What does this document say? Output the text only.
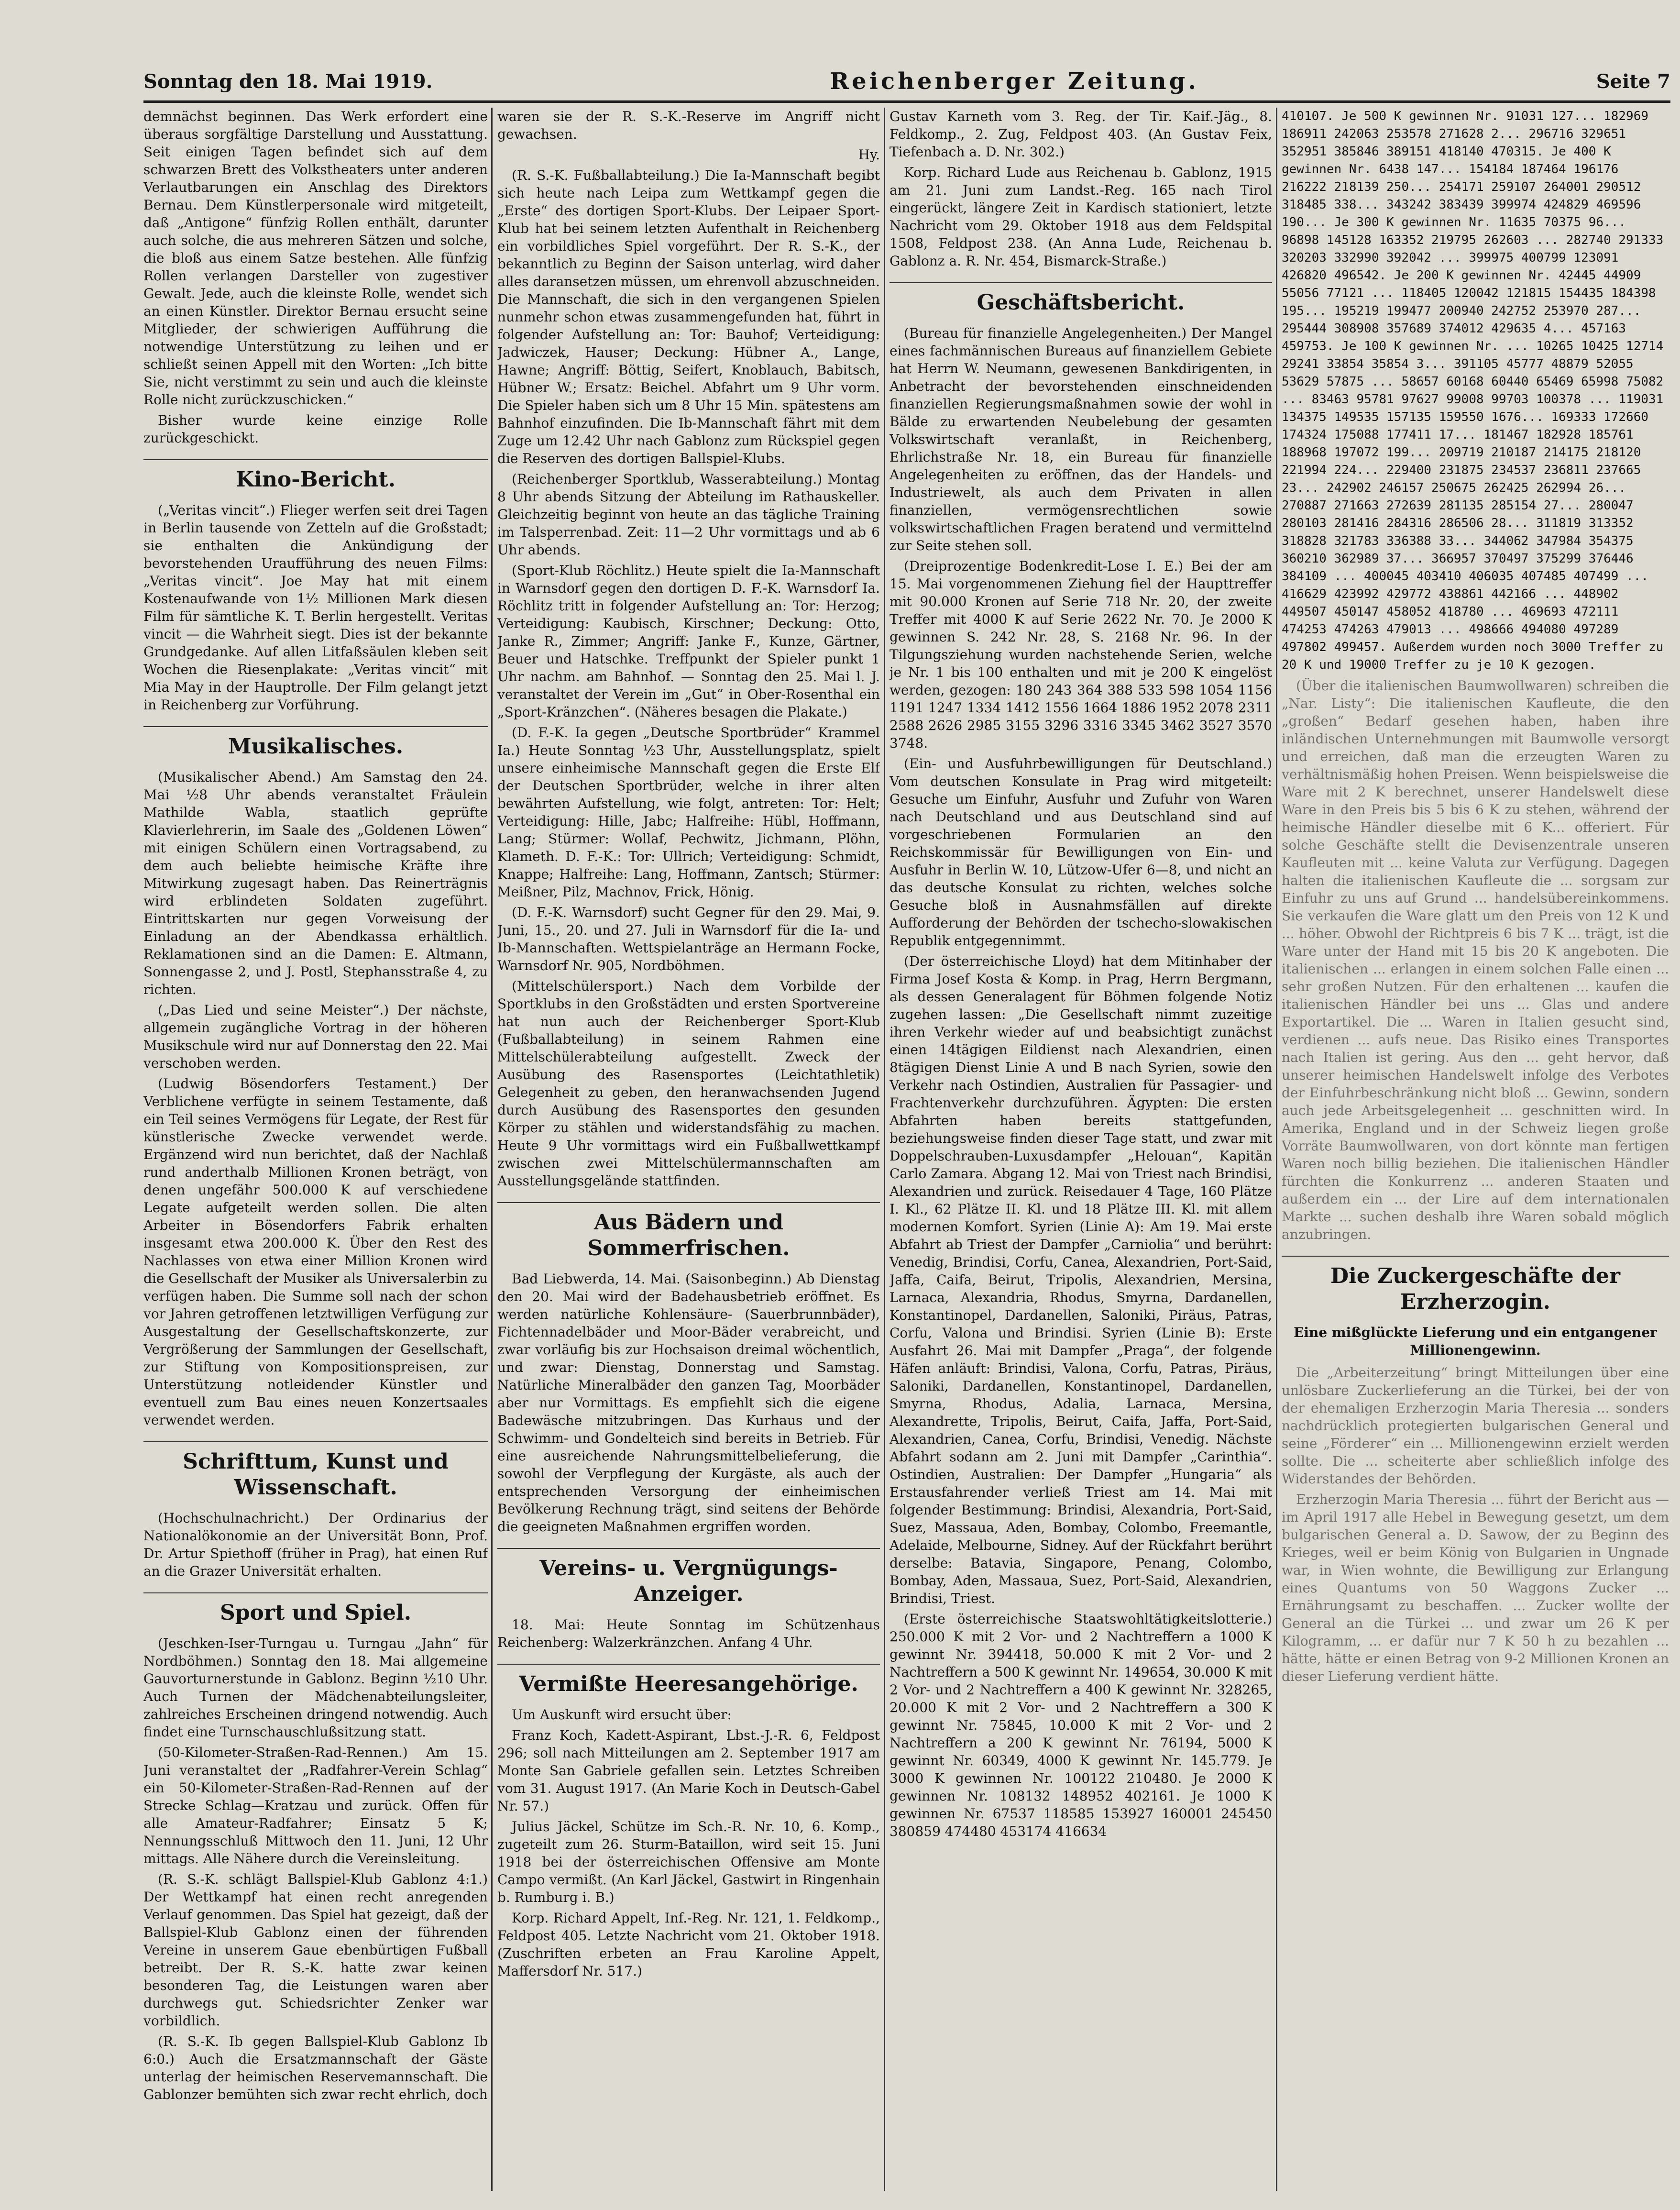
Sonntag den 18. Mai 1919.	Reichenberger Zeitung.	Seite 7

demnächst beginnen. Das Werk erfordert eine überaus sorgfältige Darstellung und Ausstattung. Seit einigen Tagen befindet sich auf dem schwarzen Brett des Volkstheaters unter anderen Verlautbarungen ein Anschlag des Direktors Bernau. Dem Künstlerpersonale wird mitgeteilt, daß „Antigone“ fünfzig Rollen enthält, darunter auch solche, die aus mehreren Sätzen und solche, die bloß aus einem Satze bestehen. Alle fünfzig Rollen verlangen Darsteller von zugestiver Gewalt. Jede, auch die kleinste Rolle, wendet sich an einen Künstler. Direktor Bernau ersucht seine Mitglieder, der schwierigen Aufführung die notwendige Unterstützung zu leihen und er schließt seinen Appell mit den Worten: „Ich bitte Sie, nicht verstimmt zu sein und auch die kleinste Rolle nicht zurückzuschicken.“

Bisher wurde keine einzige Rolle zurückgeschickt.

Kino-Bericht.

(„Veritas vincit“.) Flieger werfen seit drei Tagen in Berlin tausende von Zetteln auf die Großstadt; sie enthalten die Ankündigung der bevorstehenden Uraufführung des neuen Films: „Veritas vincit“. Joe May hat mit einem Kostenaufwande von 1½ Millionen Mark diesen Film für sämtliche K. T. Berlin hergestellt. Veritas vincit — die Wahrheit siegt. Dies ist der bekannte Grundgedanke. Auf allen Litfaßsäulen kleben seit Wochen die Riesenplakate: „Veritas vincit“ mit Mia May in der Hauptrolle. Der Film gelangt jetzt in Reichenberg zur Vorführung.

Musikalisches.

(Musikalischer Abend.) Am Samstag den 24. Mai ½8 Uhr abends veranstaltet Fräulein Mathilde Wabla, staatlich geprüfte Klavierlehrerin, im Saale des „Goldenen Löwen“ mit einigen Schülern einen Vortragsabend, zu dem auch beliebte heimische Kräfte ihre Mitwirkung zugesagt haben. Das Reinerträgnis wird erblindeten Soldaten zugeführt. Eintrittskarten nur gegen Vorweisung der Einladung an der Abendkassa erhältlich. Reklamationen sind an die Damen: E. Altmann, Sonnengasse 2, und J. Postl, Stephansstraße 4, zu richten.

(„Das Lied und seine Meister“.) Der nächste, allgemein zugängliche Vortrag in der höheren Musikschule wird nur auf Donnerstag den 22. Mai verschoben werden.

(Ludwig Bösendorfers Testament.) Der Verblichene verfügte in seinem Testamente, daß ein Teil seines Vermögens für Legate, der Rest für künstlerische Zwecke verwendet werde. Ergänzend wird nun berichtet, daß der Nachlaß rund anderthalb Millionen Kronen beträgt, von denen ungefähr 500.000 K auf verschiedene Legate aufgeteilt werden sollen. Die alten Arbeiter in Bösendorfers Fabrik erhalten insgesamt etwa 200.000 K. Über den Rest des Nachlasses von etwa einer Million Kronen wird die Gesellschaft der Musiker als Universalerbin zu verfügen haben. Die Summe soll nach der schon vor Jahren getroffenen letztwilligen Verfügung zur Ausgestaltung der Gesellschaftskonzerte, zur Vergrößerung der Sammlungen der Gesellschaft, zur Stiftung von Kompositionspreisen, zur Unterstützung notleidender Künstler und eventuell zum Bau eines neuen Konzertsaales verwendet werden.

Schrifttum, Kunst und Wissenschaft.

(Hochschulnachricht.) Der Ordinarius der Nationalökonomie an der Universität Bonn, Prof. Dr. Artur Spiethoff (früher in Prag), hat einen Ruf an die Grazer Universität erhalten.

Sport und Spiel.

(Jeschken-Iser-Turngau u. Turngau „Jahn“ für Nordböhmen.) Sonntag den 18. Mai allgemeine Gauvorturnerstunde in Gablonz. Beginn ½10 Uhr. Auch Turnen der Mädchenabteilungsleiter, zahlreiches Erscheinen dringend notwendig. Auch findet eine Turnschauschlußsitzung statt.

(50-Kilometer-Straßen-Rad-Rennen.) Am 15. Juni veranstaltet der „Radfahrer-Verein Schlag“ ein 50-Kilometer-Straßen-Rad-Rennen auf der Strecke Schlag—Kratzau und zurück. Offen für alle Amateur-Radfahrer; Einsatz 5 K; Nennungsschluß Mittwoch den 11. Juni, 12 Uhr mittags. Alle Nähere durch die Vereinsleitung.

(R. S.-K. schlägt Ballspiel-Klub Gablonz 4:1.) Der Wettkampf hat einen recht anregenden Verlauf genommen. Das Spiel hat gezeigt, daß der Ballspiel-Klub Gablonz einen der führenden Vereine in unserem Gaue ebenbürtigen Fußball betreibt. Der R. S.-K. hatte zwar keinen besonderen Tag, die Leistungen waren aber durchwegs gut. Schiedsrichter Zenker war vorbildlich.

(R. S.-K. Ib gegen Ballspiel-Klub Gablonz Ib 6:0.) Auch die Ersatzmannschaft der Gäste unterlag der heimischen Reservemannschaft. Die Gablonzer bemühten sich zwar recht ehrlich, doch

waren sie der R. S.-K.-Reserve im Angriff nicht gewachsen.

Hy.

(R. S.-K. Fußballabteilung.) Die Ia-Mannschaft begibt sich heute nach Leipa zum Wettkampf gegen die „Erste“ des dortigen Sport-Klubs. Der Leipaer Sport-Klub hat bei seinem letzten Aufenthalt in Reichenberg ein vorbildliches Spiel vorgeführt. Der R. S.-K., der bekanntlich zu Beginn der Saison unterlag, wird daher alles daransetzen müssen, um ehrenvoll abzuschneiden. Die Mannschaft, die sich in den vergangenen Spielen nunmehr schon etwas zusammengefunden hat, führt in folgender Aufstellung an: Tor: Bauhof; Verteidigung: Jadwiczek, Hauser; Deckung: Hübner A., Lange, Hawne; Angriff: Böttig, Seifert, Knoblauch, Babitsch, Hübner W.; Ersatz: Beichel. Abfahrt um 9 Uhr vorm. Die Spieler haben sich um 8 Uhr 15 Min. spätestens am Bahnhof einzufinden. Die Ib-Mannschaft fährt mit dem Zuge um 12.42 Uhr nach Gablonz zum Rückspiel gegen die Reserven des dortigen Ballspiel-Klubs.

(Reichenberger Sportklub, Wasserabteilung.) Montag 8 Uhr abends Sitzung der Abteilung im Rathauskeller. Gleichzeitig beginnt von heute an das tägliche Training im Talsperrenbad. Zeit: 11—2 Uhr vormittags und ab 6 Uhr abends.

(Sport-Klub Röchlitz.) Heute spielt die Ia-Mannschaft in Warnsdorf gegen den dortigen D. F.-K. Warnsdorf Ia. Röchlitz tritt in folgender Aufstellung an: Tor: Herzog; Verteidigung: Kaubisch, Kirschner; Deckung: Otto, Janke R., Zimmer; Angriff: Janke F., Kunze, Gärtner, Beuer und Hatschke. Treffpunkt der Spieler punkt 1 Uhr nachm. am Bahnhof. — Sonntag den 25. Mai l. J. veranstaltet der Verein im „Gut“ in Ober-Rosenthal ein „Sport-Kränzchen“. (Näheres besagen die Plakate.)

(D. F.-K. Ia gegen „Deutsche Sportbrüder“ Krammel Ia.) Heute Sonntag ½3 Uhr, Ausstellungsplatz, spielt unsere einheimische Mannschaft gegen die Erste Elf der Deutschen Sportbrüder, welche in ihrer alten bewährten Aufstellung, wie folgt, antreten: Tor: Helt; Verteidigung: Hille, Jabc; Halfreihe: Hübl, Hoffmann, Lang; Stürmer: Wollaf, Pechwitz, Jichmann, Plöhn, Klameth. D. F.-K.: Tor: Ullrich; Verteidigung: Schmidt, Knappe; Halfreihe: Lang, Hoffmann, Zantsch; Stürmer: Meißner, Pilz, Machnov, Frick, Hönig.

(D. F.-K. Warnsdorf) sucht Gegner für den 29. Mai, 9. Juni, 15., 20. und 27. Juli in Warnsdorf für die Ia- und Ib-Mannschaften. Wettspielanträge an Hermann Focke, Warnsdorf Nr. 905, Nordböhmen.

(Mittelschülersport.) Nach dem Vorbilde der Sportklubs in den Großstädten und ersten Sportvereine hat nun auch der Reichenberger Sport-Klub (Fußballabteilung) in seinem Rahmen eine Mittelschülerabteilung aufgestellt. Zweck der Ausübung des Rasensportes (Leichtathletik) Gelegenheit zu geben, den heranwachsenden Jugend durch Ausübung des Rasensportes den gesunden Körper zu stählen und widerstandsfähig zu machen. Heute 9 Uhr vormittags wird ein Fußballwettkampf zwischen zwei Mittelschülermannschaften am Ausstellungsgelände stattfinden.

Aus Bädern und Sommerfrischen.

Bad Liebwerda, 14. Mai. (Saisonbeginn.) Ab Dienstag den 20. Mai wird der Badehausbetrieb eröffnet. Es werden natürliche Kohlensäure- (Sauerbrunnbäder), Fichtennadelbäder und Moor-Bäder verabreicht, und zwar vorläufig bis zur Hochsaison dreimal wöchentlich, und zwar: Dienstag, Donnerstag und Samstag. Natürliche Mineralbäder den ganzen Tag, Moorbäder aber nur Vormittags. Es empfiehlt sich die eigene Badewäsche mitzubringen. Das Kurhaus und der Schwimm- und Gondelteich sind bereits in Betrieb. Für eine ausreichende Nahrungsmittelbelieferung, die sowohl der Verpflegung der Kurgäste, als auch der entsprechenden Versorgung der einheimischen Bevölkerung Rechnung trägt, sind seitens der Behörde die geeigneten Maßnahmen ergriffen worden.

Vereins- u. Vergnügungs-Anzeiger.

18. Mai: Heute Sonntag im Schützenhaus Reichenberg: Walzerkränzchen. Anfang 4 Uhr.

Vermißte Heeresangehörige.

Um Auskunft wird ersucht über:

Franz Koch, Kadett-Aspirant, Lbst.-J.-R. 6, Feldpost 296; soll nach Mitteilungen am 2. September 1917 am Monte San Gabriele gefallen sein. Letztes Schreiben vom 31. August 1917. (An Marie Koch in Deutsch-Gabel Nr. 57.)

Julius Jäckel, Schütze im Sch.-R. Nr. 10, 6. Komp., zugeteilt zum 26. Sturm-Bataillon, wird seit 15. Juni 1918 bei der österreichischen Offensive am Monte Campo vermißt. (An Karl Jäckel, Gastwirt in Ringenhain b. Rumburg i. B.)

Korp. Richard Appelt, Inf.-Reg. Nr. 121, 1. Feldkomp., Feldpost 405. Letzte Nachricht vom 21. Oktober 1918. (Zuschriften erbeten an Frau Karoline Appelt, Maffersdorf Nr. 517.)

Gustav Karneth vom 3. Reg. der Tir. Kaif.-Jäg., 8. Feldkomp., 2. Zug, Feldpost 403. (An Gustav Feix, Tiefenbach a. D. Nr. 302.)

Korp. Richard Lude aus Reichenau b. Gablonz, 1915 am 21. Juni zum Landst.-Reg. 165 nach Tirol eingerückt, längere Zeit in Kardisch stationiert, letzte Nachricht vom 29. Oktober 1918 aus dem Feldspital 1508, Feldpost 238. (An Anna Lude, Reichenau b. Gablonz a. R. Nr. 454, Bismarck-Straße.)

Geschäftsbericht.

(Bureau für finanzielle Angelegenheiten.) Der Mangel eines fachmännischen Bureaus auf finanziellem Gebiete hat Herrn W. Neumann, gewesenen Bankdirigenten, in Anbetracht der bevorstehenden einschneidenden finanziellen Regierungsmaßnahmen sowie der wohl in Bälde zu erwartenden Neubelebung der gesamten Volkswirtschaft veranlaßt, in Reichenberg, Ehrlichstraße Nr. 18, ein Bureau für finanzielle Angelegenheiten zu eröffnen, das der Handels- und Industriewelt, als auch dem Privaten in allen finanziellen, vermögensrechtlichen sowie volkswirtschaftlichen Fragen beratend und vermittelnd zur Seite stehen soll.

(Dreiprozentige Bodenkredit-Lose I. E.) Bei der am 15. Mai vorgenommenen Ziehung fiel der Haupttreffer mit 90.000 Kronen auf Serie 718 Nr. 20, der zweite Treffer mit 4000 K auf Serie 2622 Nr. 70. Je 2000 K gewinnen S. 242 Nr. 28, S. 2168 Nr. 96. In der Tilgungsziehung wurden nachstehende Serien, welche je Nr. 1 bis 100 enthalten und mit je 200 K eingelöst werden, gezogen: 180 243 364 388 533 598 1054 1156 1191 1247 1334 1412 1556 1664 1886 1952 2078 2311 2588 2626 2985 3155 3296 3316 3345 3462 3527 3570 3748.

(Ein- und Ausfuhrbewilligungen für Deutschland.) Vom deutschen Konsulate in Prag wird mitgeteilt: Gesuche um Einfuhr, Ausfuhr und Zufuhr von Waren nach Deutschland und aus Deutschland sind auf vorgeschriebenen Formularien an den Reichskommissär für Bewilligungen von Ein- und Ausfuhr in Berlin W. 10, Lützow-Ufer 6—8, und nicht an das deutsche Konsulat zu richten, welches solche Gesuche bloß in Ausnahmsfällen auf direkte Aufforderung der Behörden der tschecho-slowakischen Republik entgegennimmt.

(Der österreichische Lloyd) hat dem Mitinhaber der Firma Josef Kosta & Komp. in Prag, Herrn Bergmann, als dessen Generalagent für Böhmen folgende Notiz zugehen lassen: „Die Gesellschaft nimmt zuzeitige ihren Verkehr wieder auf und beabsichtigt zunächst einen 14tägigen Eildienst nach Alexandrien, einen 8tägigen Dienst Linie A und B nach Syrien, sowie den Verkehr nach Ostindien, Australien für Passagier- und Frachtenverkehr durchzuführen. Ägypten: Die ersten Abfahrten haben bereits stattgefunden, beziehungsweise finden dieser Tage statt, und zwar mit Doppelschrauben-Luxusdampfer „Helouan“, Kapitän Carlo Zamara. Abgang 12. Mai von Triest nach Brindisi, Alexandrien und zurück. Reisedauer 4 Tage, 160 Plätze I. Kl., 62 Plätze II. Kl. und 18 Plätze III. Kl. mit allem modernen Komfort. Syrien (Linie A): Am 19. Mai erste Abfahrt ab Triest der Dampfer „Carniolia“ und berührt: Venedig, Brindisi, Corfu, Canea, Alexandrien, Port-Said, Jaffa, Caifa, Beirut, Tripolis, Alexandrien, Mersina, Larnaca, Alexandria, Rhodus, Smyrna, Dardanellen, Konstantinopel, Dardanellen, Saloniki, Piräus, Patras, Corfu, Valona und Brindisi. Syrien (Linie B): Erste Ausfahrt 26. Mai mit Dampfer „Praga“, der folgende Häfen anläuft: Brindisi, Valona, Corfu, Patras, Piräus, Saloniki, Dardanellen, Konstantinopel, Dardanellen, Smyrna, Rhodus, Adalia, Larnaca, Mersina, Alexandrette, Tripolis, Beirut, Caifa, Jaffa, Port-Said, Alexandrien, Canea, Corfu, Brindisi, Venedig. Nächste Abfahrt sodann am 2. Juni mit Dampfer „Carinthia“. Ostindien, Australien: Der Dampfer „Hungaria“ als Erstausfahrender verließ Triest am 14. Mai mit folgender Bestimmung: Brindisi, Alexandria, Port-Said, Suez, Massaua, Aden, Bombay, Colombo, Freemantle, Adelaide, Melbourne, Sidney. Auf der Rückfahrt berührt derselbe: Batavia, Singapore, Penang, Colombo, Bombay, Aden, Massaua, Suez, Port-Said, Alexandrien, Brindisi, Triest.

(Erste österreichische Staatswohltätigkeitslotterie.) 250.000 K mit 2 Vor- und 2 Nachtreffern a 1000 K gewinnt Nr. 394418, 50.000 K mit 2 Vor- und 2 Nachtreffern a 500 K gewinnt Nr. 149654, 30.000 K mit 2 Vor- und 2 Nachtreffern a 400 K gewinnt Nr. 328265, 20.000 K mit 2 Vor- und 2 Nachtreffern a 300 K gewinnt Nr. 75845, 10.000 K mit 2 Vor- und 2 Nachtreffern a 200 K gewinnt Nr. 76194, 5000 K gewinnt Nr. 60349, 4000 K gewinnt Nr. 145.779. Je 3000 K gewinnen Nr. 100122 210480. Je 2000 K gewinnen Nr. 108132 148952 402161. Je 1000 K gewinnen Nr. 67537 118585 153927 160001 245450 380859 474480 453174 416634

410107. Je 500 K gewinnen Nr. 91031 127... 182969 186911 242063 253578 271628 2... 296716 329651 352951 385846 389151 418140 470315. Je 400 K gewinnen Nr. 6438 147... 154184 187464 196176 216222 218139 250... 254171 259107 264001 290512 318485 338... 343242 383439 399974 424829 469596 190... Je 300 K gewinnen Nr. 11635 70375 96... 96898 145128 163352 219795 262603 ... 282740 291333 320203 332990 392042 ... 399975 400799 123091 426820 496542. Je 200 K gewinnen Nr. 42445 44909 55056 77121 ... 118405 120042 121815 154435 184398 195... 195219 199477 200940 242752 253970 287... 295444 308908 357689 374012 429635 4... 457163 459753. Je 100 K gewinnen Nr. ... 10265 10425 12714 29241 33854 35854 3... 391105 45777 48879 52055 53629 57875 ... 58657 60168 60440 65469 65998 75082 ... 83463 95781 97627 99008 99703 100378 ... 119031 134375 149535 157135 159550 1676... 169333 172660 174324 175088 177411 17... 181467 182928 185761 188968 197072 199... 209719 210187 214175 218120 221994 224... 229400 231875 234537 236811 237665 23... 242902 246157 250675 262425 262994 26... 270887 271663 272639 281135 285154 27... 280047 280103 281416 284316 286506 28... 311819 313352 318828 321783 336388 33... 344062 347984 354375 360210 362989 37... 366957 370497 375299 376446 384109 ... 400045 403410 406035 407485 407499 ... 416629 423992 429772 438861 442166 ... 448902 449507 450147 458052 418780 ... 469693 472111 474253 474263 479013 ... 498666 494080 497289 497802 499457. Außerdem wurden noch 3000 Treffer zu 20 K und 19000 Treffer zu je 10 K gezogen.

(Über die italienischen Baumwollwaren) schreiben die „Nar. Listy“: Die italienischen Kaufleute, die den „großen“ Bedarf gesehen haben, haben ihre inländischen Unternehmungen mit Baumwolle versorgt und erreichen, daß man die erzeugten Waren zu verhältnismäßig hohen Preisen. Wenn beispielsweise die Ware mit 2 K berechnet, unserer Handelswelt diese Ware in den Preis bis 5 bis 6 K zu stehen, während der heimische Händler dieselbe mit 6 K... offeriert. Für solche Geschäfte stellt die Devisenzentrale unseren Kaufleuten mit ... keine Valuta zur Verfügung. Dagegen halten die italienischen Kaufleute die ... sorgsam zur Einfuhr zu uns auf Grund ... handelsübereinkommens. Sie verkaufen die Ware glatt um den Preis von 12 K und ... höher. Obwohl der Richtpreis 6 bis 7 K ... trägt, ist die Ware unter der Hand mit 15 bis 20 K angeboten. Die italienischen ... erlangen in einem solchen Falle einen ... sehr großen Nutzen. Für den erhaltenen ... kaufen die italienischen Händler bei uns ... Glas und andere Exportartikel. Die ... Waren in Italien gesucht sind, verdienen ... aufs neue. Das Risiko eines Transportes nach Italien ist gering. Aus den ... geht hervor, daß unserer heimischen Handelswelt infolge des Verbotes der Einfuhrbeschränkung nicht bloß ... Gewinn, sondern auch jede Arbeitsgelegenheit ... geschnitten wird. In Amerika, England und in der Schweiz liegen große Vorräte Baumwollwaren, von dort könnte man fertigen Waren noch billig beziehen. Die italienischen Händler fürchten die Konkurrenz ... anderen Staaten und außerdem ein ... der Lire auf dem internationalen Markte ... suchen deshalb ihre Waren sobald möglich anzubringen.

Die Zuckergeschäfte der Erzherzogin.
Eine mißglückte Lieferung und ein entgangener Millionengewinn.

Die „Arbeiterzeitung“ bringt Mitteilungen über eine unlösbare Zuckerlieferung an die Türkei, bei der von der ehemaligen Erzherzogin Maria Theresia ... sonders nachdrücklich protegierten bulgarischen General und seine „Förderer“ ein ... Millionengewinn erzielt werden sollte. Die ... scheiterte aber schließlich infolge des Widerstandes der Behörden.

Erzherzogin Maria Theresia ... führt der Bericht aus — im April 1917 alle Hebel in Bewegung gesetzt, um dem bulgarischen General a. D. Sawow, der zu Beginn des Krieges, weil er beim König von Bulgarien in Ungnade war, in Wien wohnte, die Bewilligung zur Erlangung eines Quantums von 50 Waggons Zucker ... Ernährungsamt zu beschaffen. ... Zucker wollte der General an die Türkei ... und zwar um 26 K per Kilogramm, ... er dafür nur 7 K 50 h zu bezahlen ... hätte, hätte er einen Betrag von 9-2 Millionen Kronen an dieser Lieferung verdient hätte.
